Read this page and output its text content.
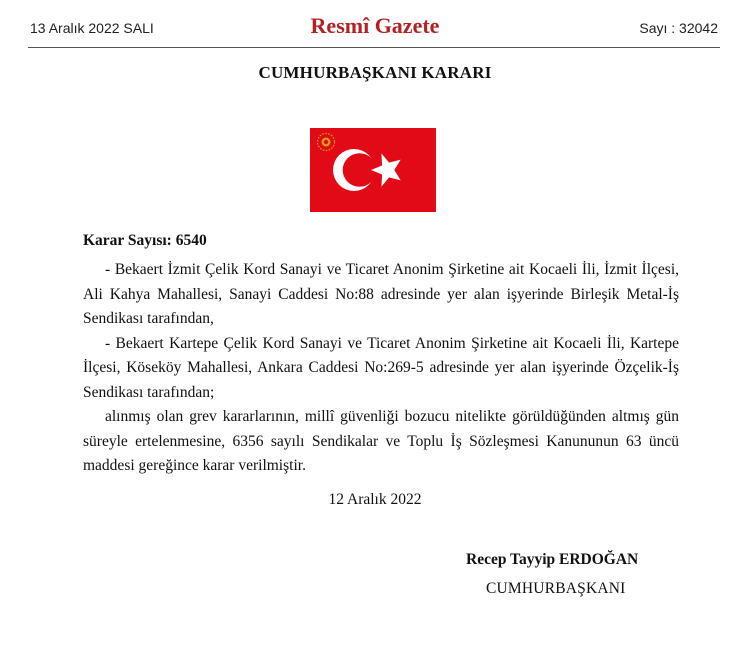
13 Aralık 2022 SALI	Resmî Gazete	Sayı : 32042
CUMHURBAŞKANI KARARI
Karar Sayısı: 6540

- Bekaert İzmit Çelik Kord Sanayi ve Ticaret Anonim Şirketine ait Kocaeli İli, İzmit İlçesi, Ali Kahya Mahallesi, Sanayi Caddesi No:88 adresinde yer alan işyerinde Birleşik Metal-İş Sendikası tarafından,

- Bekaert Kartepe Çelik Kord Sanayi ve Ticaret Anonim Şirketine ait Kocaeli İli, Kartepe İlçesi, Köseköy Mahallesi, Ankara Caddesi No:269-5 adresinde yer alan işyerinde Özçelik-İş Sendikası tarafından;

alınmış olan grev kararlarının, millî güvenliği bozucu nitelikte görüldüğünden altmış gün süreyle ertelenmesine, 6356 sayılı Sendikalar ve Toplu İş Sözleşmesi Kanununun 63 üncü maddesi gereğince karar verilmiştir.

12 Aralık 2022
Recep Tayyip ERDOĞAN
CUMHURBAŞKANI
